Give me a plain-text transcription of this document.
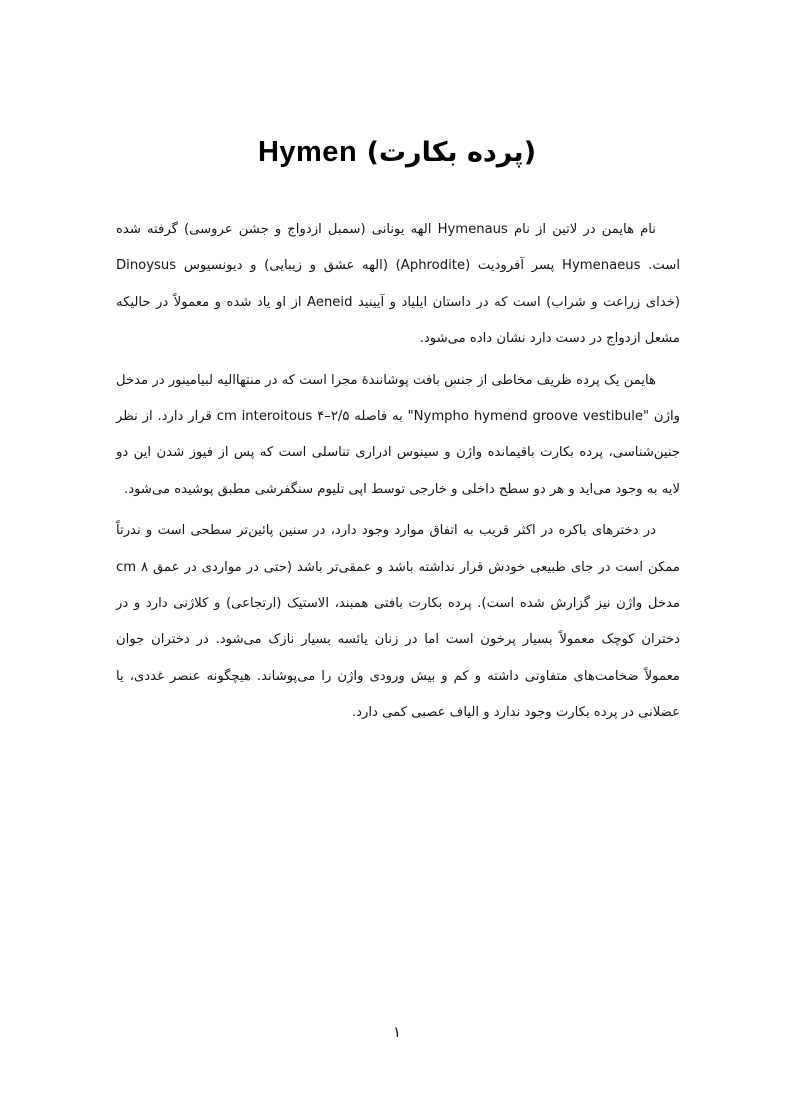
Hymen (پرده بکارت)

نام هایمن در لاتین از نام Hymenaus الهه یونانی (سمبل ازدواج و جشن عروسی) گرفته شده است. Hymenaeus پسر آفرودیت (Aphrodite) (الهه عشق و زیبایی) و دیونسیوس Dinoysus (خدای زراعت و شراب) است که در داستان ایلیاد و آیینید Aeneid از او یاد شده و معمولاً در حالیکه مشعل ازدواج در دست دارد نشان داده می‌شود.

هایمن یک پرده ظریف مخاطی از جنس بافت پوشانندۀ مجرا است که در منتهاالیه لبیامینور در مدخل واژن "Nympho hymend groove vestibule" به فاصله ۲/۵–۴ cm interoitous قرار دارد. از نظر جنین‌شناسی، پرده بکارت باقیمانده واژن و سینوس ادراری تناسلی است که پس از فیوز شدن این دو لایه به وجود می‌اید و هر دو سطح داخلی و خارجی توسط اپی تلیوم سنگفرشی مطبق پوشیده می‌شود.

در دخترهای باکره در اکثر قریب به اتفاق موارد وجود دارد، در سنین پائین‌تر سطحی است و ندرتاً ممکن است در جای طبیعی خودش قرار نداشته باشد و عمقی‌تر باشد (حتی در مواردی در عمق ۸ cm مدخل واژن نیز گزارش شده است). پرده بکارت بافتی همبند، الاستیک (ارتجاعی) و کلاژنی دارد و در دختران کوچک معمولاً بسیار پرخون است اما در زنان یائسه بسیار نازک می‌شود. در دختران جوان معمولاً ضخامت‌های متفاوتی داشته و کم و بیش ورودی واژن را می‌پوشاند. هیچگونه عنصر غددی، یا عضلانی در پرده بکارت وجود ندارد و الیاف عصبی کمی دارد.

۱
